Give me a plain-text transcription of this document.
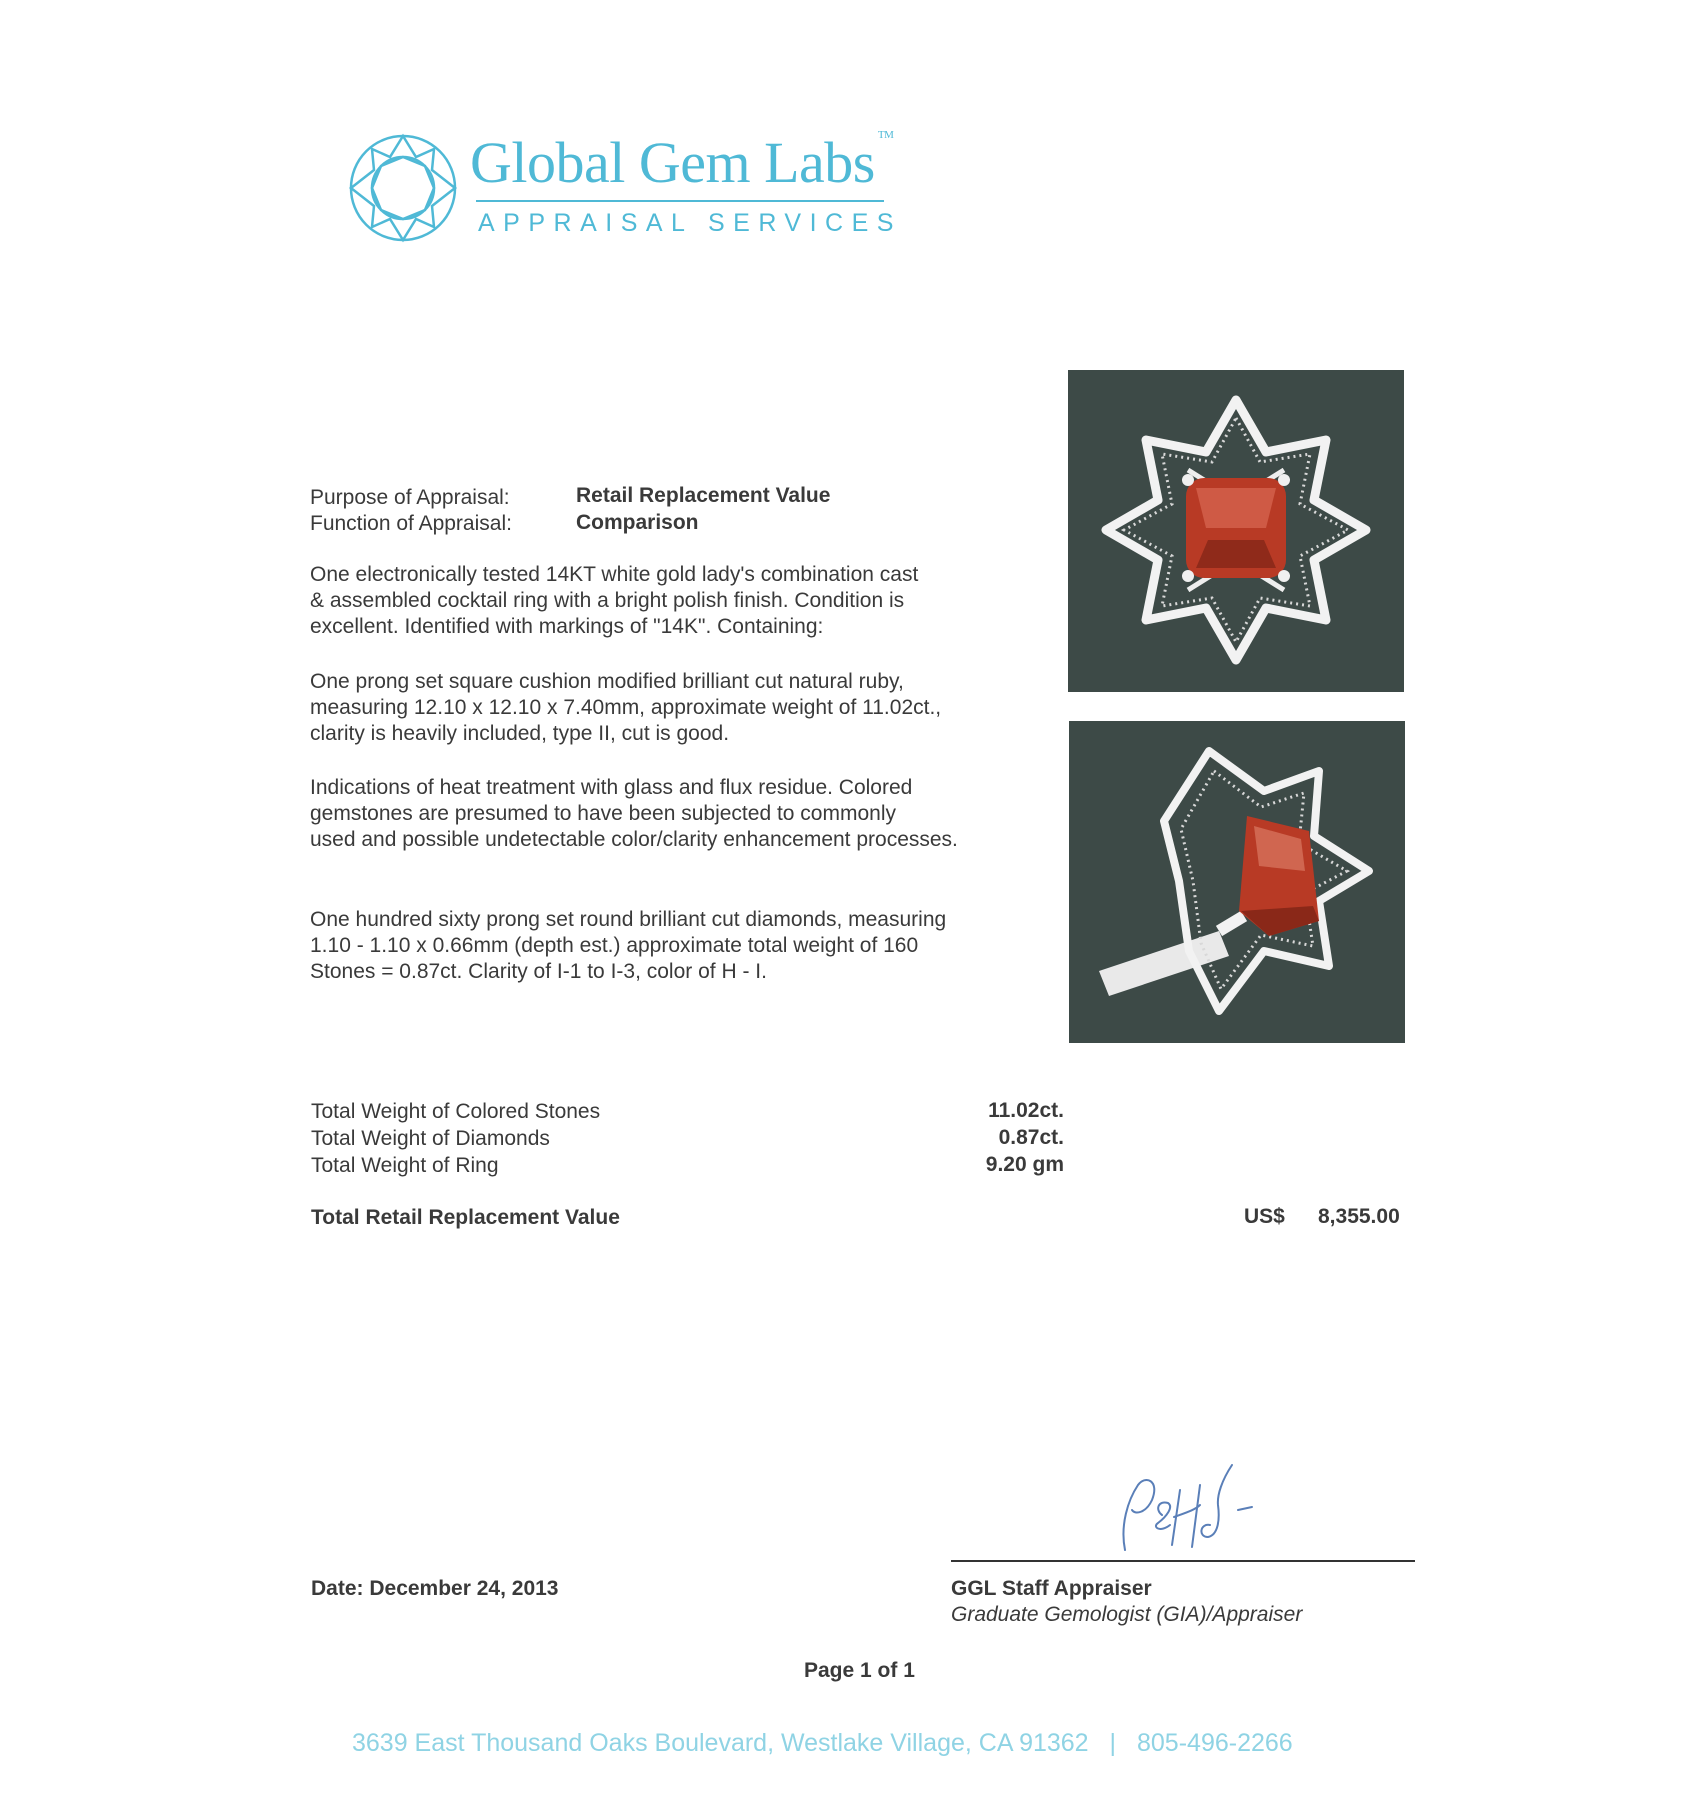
Global Gem Labs ™
APPRAISAL SERVICES
Purpose of Appraisal:	Retail Replacement Value
Function of Appraisal:	Comparison
One electronically tested 14KT white gold lady's combination cast
& assembled cocktail ring with a bright polish finish. Condition is
excellent. Identified with markings of "14K". Containing:
One prong set square cushion modified brilliant cut natural ruby,
measuring 12.10 x 12.10 x 7.40mm, approximate weight of 11.02ct.,
clarity is heavily included, type II, cut is good.
Indications of heat treatment with glass and flux residue. Colored
gemstones are presumed to have been subjected to commonly
used and possible undetectable color/clarity enhancement processes.
One hundred sixty prong set round brilliant cut diamonds, measuring
1.10 - 1.10 x 0.66mm (depth est.) approximate total weight of 160
Stones = 0.87ct. Clarity of I-1 to I-3, color of H - I.
Total Weight of Colored Stones	11.02ct.
Total Weight of Diamonds	0.87ct.
Total Weight of Ring	9.20 gm
Total Retail Replacement Value	US$ 8,355.00
Date: December 24, 2013	GGL Staff Appraiser
Graduate Gemologist (GIA)/Appraiser
Page 1 of 1
3639 East Thousand Oaks Boulevard, Westlake Village, CA 91362 | 805-496-2266
